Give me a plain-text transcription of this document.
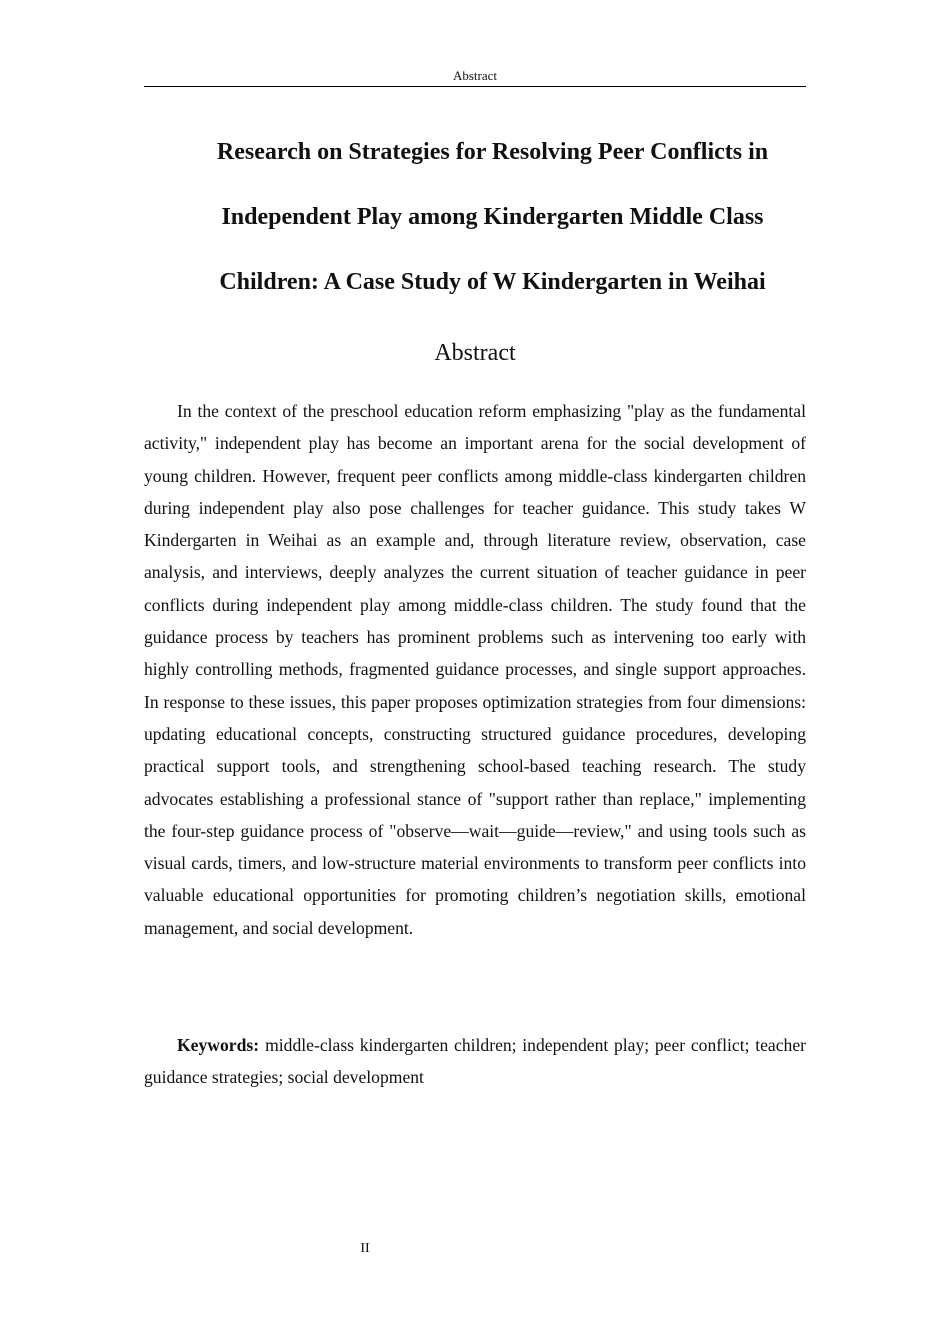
Abstract
Research on Strategies for Resolving Peer Conflicts in
Independent Play among Kindergarten Middle Class
Children: A Case Study of W Kindergarten in Weihai
Abstract

In the context of the preschool education reform emphasizing "play as the fundamental activity," independent play has become an important arena for the social development of young children. However, frequent peer conflicts among middle-class kindergarten children during independent play also pose challenges for teacher guidance. This study takes W Kindergarten in Weihai as an example and, through literature review, observation, case analysis, and interviews, deeply analyzes the current situation of teacher guidance in peer conflicts during independent play among middle-class children. The study found that the guidance process by teachers has prominent problems such as intervening too early with highly controlling methods, fragmented guidance processes, and single support approaches. In response to these issues, this paper proposes optimization strategies from four dimensions: updating educational concepts, constructing structured guidance procedures, developing practical support tools, and strengthening school-based teaching research. The study advocates establishing a professional stance of "support rather than replace," implementing the four-step guidance process of "observe—wait—guide—review," and using tools such as visual cards, timers, and low-structure material environments to transform peer conflicts into valuable educational opportunities for promoting children’s negotiation skills, emotional management, and social development.

Keywords: middle-class kindergarten children; independent play; peer conflict; teacher guidance strategies; social development

II
